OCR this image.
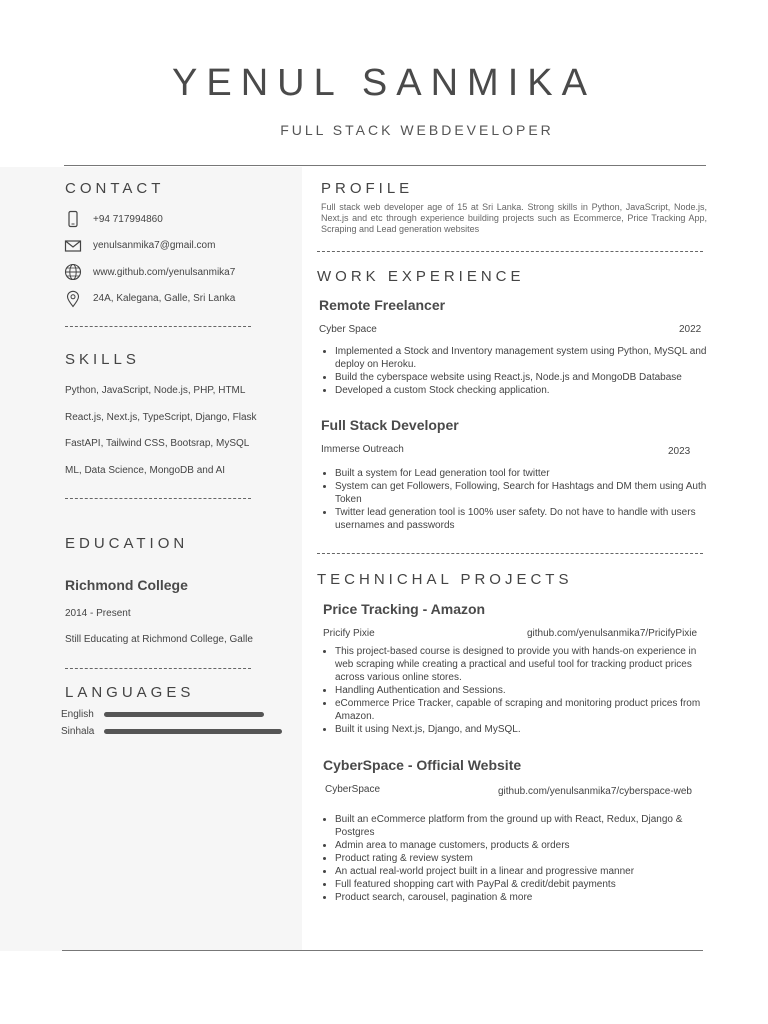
YENUL SANMIKA
FULL STACK WEBDEVELOPER
CONTACT
+94 717994860
yenulsanmika7@gmail.com
www.github.com/yenulsanmika7
24A, Kalegana, Galle, Sri Lanka
SKILLS
Python, JavaScript, Node.js, PHP, HTML
React.js, Next.js, TypeScript, Django, Flask
FastAPI, Tailwind CSS, Bootsrap, MySQL
ML, Data Science, MongoDB and AI
EDUCATION
Richmond College
2014 - Present
Still Educating at Richmond College, Galle
LANGUAGES
English
Sinhala
PROFILE

Full stack web developer age of 15 at Sri Lanka. Strong skills in Python, JavaScript, Node.js, Next.js and etc through experience building projects such as Ecommerce, Price Tracking App, Scraping and Lead generation websites

WORK EXPERIENCE
Remote Freelancer
Cyber Space	2022
• Implemented a Stock and Inventory management system using Python, MySQL and deploy on Heroku.
• Build the cyberspace website using React.js, Node.js and MongoDB Database
• Developed a custom Stock checking application.
Full Stack Developer
Immerse Outreach	2023
• Built a system for Lead generation tool for twitter
• System can get Followers, Following, Search for Hashtags and DM them using Auth Token
• Twitter lead generation tool is 100% user safety. Do not have to handle with users usernames and passwords
TECHNICHAL PROJECTS
Price Tracking - Amazon
Pricify Pixie	github.com/yenulsanmika7/PricifyPixie
• This project-based course is designed to provide you with hands-on experience in web scraping while creating a practical and useful tool for tracking product prices across various online stores.
• Handling Authentication and Sessions.
• eCommerce Price Tracker, capable of scraping and monitoring product prices from Amazon.
• Built it using Next.js, Django, and MySQL.
CyberSpace - Official Website
CyberSpace	github.com/yenulsanmika7/cyberspace-web
• Built an eCommerce platform from the ground up with React, Redux, Django & Postgres
• Admin area to manage customers, products & orders
• Product rating & review system
• An actual real-world project built in a linear and progressive manner
• Full featured shopping cart with PayPal & credit/debit payments
• Product search, carousel, pagination & more
